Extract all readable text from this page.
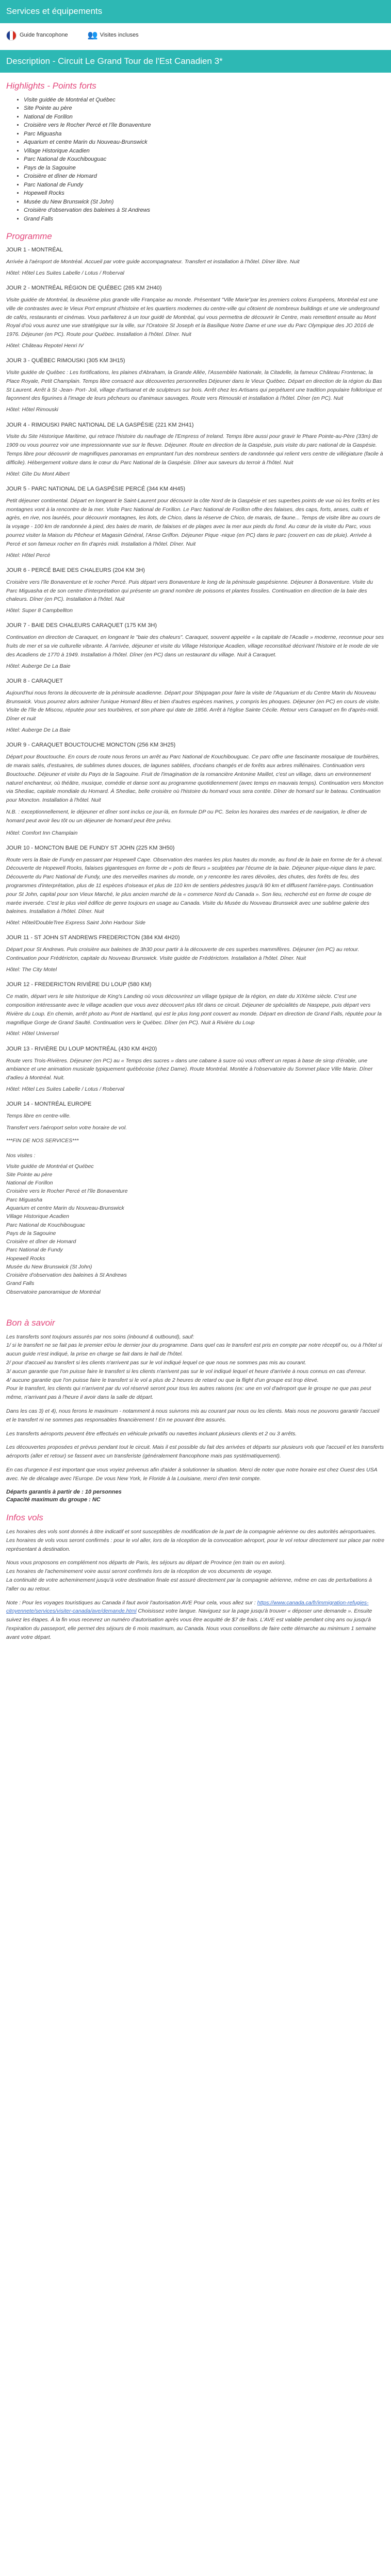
Services et équipements
Guide francophone 👥 Visites incluses
Description - Circuit Le Grand Tour de l'Est Canadien 3*
Highlights - Points forts
• Visite guidée de Montréal et Québec
• Site Pointe au père
• National de Forillon
• Croisière vers le Rocher Percé et l'île Bonaventure
• Parc Miguasha
• Aquarium et centre Marin du Nouveau-Brunswick
• Village Historique Acadien
• Parc National de Kouchibouguac
• Pays de la Sagouine
• Croisière et dîner de Homard
• Parc National de Fundy
• Hopewell Rocks
• Musée du New Brunswick (St John)
• Croisière d'observation des baleines à St Andrews
• Grand Falls
Programme

JOUR 1 - MONTRÉAL

Arrivée à l'aéroport de Montréal. Accueil par votre guide accompagnateur. Transfert et installation à l'hôtel. Dîner libre. Nuit

Hôtel: Hôtel Les Suites Labelle / Lotus / Roberval

JOUR 2 - MONTRÉAL RÉGION DE QUÉBEC (265 KM 2H40)

Visite guidée de Montréal, la deuxième plus grande ville Française au monde. Présentant "Ville Marie"par les premiers colons Européens, Montréal est une ville de contrastes avec le Vieux Port emprunt d'histoire et les quartiers modernes du centre-ville qui côtoient de nombreux buildings et une vie underground de cafés, restaurants et cinémas. Vous parfaiterez à un tour guidé de Montréal, qui vous permettra de découvrir le Centre, mais remettent ensuite au Mont Royal d'où vous aurez une vue stratégique sur la ville, sur l'Oratoire St Joseph et la Basilique Notre Dame et une vue du Parc Olympique des JO 2016 de 1976. Déjeuner (en PC). Route pour Québec. Installation à l'hôtel. Dîner. Nuit

Hôtel: Château Repotel Henri IV

JOUR 3 - QUÉBEC RIMOUSKI (305 KM 3H15)

Visite guidée de Québec : Les fortifications, les plaines d'Abraham, la Grande Allée, l'Assemblée Nationale, la Citadelle, la fameux Château Frontenac, la Place Royale, Petit Champlain. Temps libre consacré aux découvertes personnelles Déjeuner dans le Vieux Québec. Départ en direction de la région du Bas St Laurent. Arrêt à St -Jean- Port- Joli, village d'artisanat et de sculpteurs sur bois. Arrêt chez les Artisans qui perpétuent une tradition populaire folklorique et façonnent des figurines à l'image de leurs pêcheurs ou d'animaux sauvages. Route vers Rimouski et installation à l'hôtel. Dîner (en PC). Nuit

Hôtel: Hôtel Rimouski

JOUR 4 - RIMOUSKI PARC NATIONAL DE LA GASPÉSIE (221 KM 2H41)

Visite du Site Historique Maritime, qui retrace l'histoire du naufrage de l'Empress of Ireland. Temps libre aussi pour gravir le Phare Pointe-au-Père (33m) de 1909 ou vous pourrez voir une impressionnante vue sur le fleuve. Déjeuner. Route en direction de la Gaspésie, puis visite du parc national de la Gaspésie. Temps libre pour découvrir de magnifiques panoramas en empruntant l'un des nombreux sentiers de randonnée qui relient vers centre de villégiature (facile à difficile). Hébergement voiture dans le cœur du Parc National de la Gaspésie. Dîner aux saveurs du terroir à l'hôtel. Nuit

Hôtel: Gîte Du Mont Albert

JOUR 5 - PARC NATIONAL DE LA GASPÉSIE PERCÉ (344 KM 4H45)

Petit déjeuner continental. Départ en longeant le Saint-Laurent pour découvrir la côte Nord de la Gaspésie et ses superbes points de vue où les forêts et les montagnes vont à la rencontre de la mer. Visite Parc National de Forillon. Le Parc National de Forillon offre des falaises, des caps, forts, anses, cuits et agrès, en rive, nos lauréés, pour découvrir montagnes, les ilots, de Chico, dans la réserve de Chico, de marais, de faune... Temps de visite libre au cours de la voyage - 100 km de randonnée à pied, des baies de marin, de falaises et de plages avec la mer aux pieds du fond. Au cœur de la visite du Parc, vous pourrez visiter la Maison du Pêcheur et Magasin Général, l'Anse Griffon. Déjeuner Pique -nique (en PC) dans le parc (couvert en cas de pluie). Arrivée à Percé et son fameux rocher en fin d'après midi. Installation à l'hôtel. Dîner. Nuit

Hôtel: Hôtel Percé

JOUR 6 - PERCÉ BAIE DES CHALEURS (204 KM 3H)

Croisière vers l'île Bonaventure et le rocher Percé. Puis départ vers Bonaventure le long de la péninsule gaspésienne. Déjeuner à Bonaventure. Visite du Parc Miguasha et de son centre d'interprétation qui présente un grand nombre de poissons et plantes fossiles. Continuation en direction de la baie des chaleurs. Dîner (en PC). Installation à l'hôtel. Nuit

Hôtel: Super 8 Campbellton

JOUR 7 - BAIE DES CHALEURS CARAQUET (175 KM 3H)

Continuation en direction de Caraquet, en longeant le "baie des chaleurs". Caraquet, souvent appelée « la capitale de l'Acadie » moderne, reconnue pour ses fruits de mer et sa vie culturelle vibrante. À l'arrivée, déjeuner et visite du Village Historique Acadien, village reconstitué décrivant l'histoire et le mode de vie des Acadiens de 1770 à 1949. Installation à l'hôtel. Dîner (en PC) dans un restaurant du village. Nuit à Caraquet.

Hôtel: Auberge De La Baie

JOUR 8 - CARAQUET

Aujourd'hui nous ferons la découverte de la péninsule acadienne. Départ pour Shippagan pour faire la visite de l'Aquarium et du Centre Marin du Nouveau Brunswick. Vous pourrez alors admirer l'unique Homard Bleu et bien d'autres espèces marines, y compris les phoques. Déjeuner (en PC) en cours de visite. Visite de l'île de Miscou, réputée pour ses tourbières, et son phare qui date de 1856. Arrêt à l'église Sainte Cécile. Retour vers Caraquet en fin d'après-midi. Dîner et nuit

Hôtel: Auberge De La Baie

JOUR 9 - CARAQUET BOUCTOUCHE MONCTON (256 KM 3H25)

Départ pour Bouctouche. En cours de route nous ferons un arrêt au Parc National de Kouchibouguac. Ce parc offre une fascinante mosaïque de tourbières, de marais salés, d'estuaires, de sublimes dunes douces, de lagunes sablées, d'océans changés et de forêts aux arbres millénaires. Continuation vers Bouctouche. Déjeuner et visite du Pays de la Sagouine. Fruit de l'imagination de la romancière Antonine Maillet, c'est un village, dans un environnement naturel enchanteur, où théâtre, musique, comédie et danse sont au programme quotidiennement (avec temps en mauvais temps). Continuation vers Moncton via Shediac, capitale mondiale du Homard. À Shediac, belle croisière où l'histoire du homard vous sera contée. Dîner de homard sur le bateau. Continuation pour Moncton. Installation à l'hôtel. Nuit

N.B. : exceptionnellement, le déjeuner et dîner sont inclus ce jour-là, en formule DP ou PC. Selon les horaires des marées et de navigation, le dîner de homard peut avoir lieu tôt ou un déjeuner de homard peut être prévu.

Hôtel: Comfort Inn Champlain

JOUR 10 - MONCTON BAIE DE FUNDY ST JOHN (225 KM 3H50)

Route vers la Baie de Fundy en passant par Hopewell Cape. Observation des marées les plus hautes du monde, au fond de la baie en forme de fer à cheval. Découverte de Hopewell Rocks, falaises gigantesques en forme de « pots de fleurs » sculptées par l'écume de la baie. Déjeuner pique-nique dans le parc. Découverte du Parc National de Fundy, une des merveilles marines du monde, on y rencontre les rares dévoiles, des chutes, des forêts de feu, des programmes d'interprétation, plus de 11 espèces d'oiseaux et plus de 110 km de sentiers pédestres jusqu'à 90 km et diffusent l'arrière-pays. Continuation pour St John, capital pour son Vieux Marché, le plus ancien marché de la « commerce Nord du Canada ». Son lieu, recherché est en forme de coupe de marée inversée. C'est le plus vieil édifice de genre toujours en usage au Canada. Visite du Musée du Nouveau Brunswick avec une sublime galerie des baleines. Installation à l'hôtel. Dîner. Nuit

Hôtel: Hôtel/DoubleTree Express Saint John Harbour Side

JOUR 11 - ST JOHN ST ANDREWS FREDERICTON (384 KM 4H20)

Départ pour St Andrews. Puis croisière aux baleines de 3h30 pour partir à la découverte de ces superbes mammifères. Déjeuner (en PC) au retour. Continuation pour Frédéricton, capitale du Nouveau Brunswick. Visite guidée de Frédérictom. Installation à l'hôtel. Dîner. Nuit

Hôtel: The City Motel

JOUR 12 - FREDERICTON RIVIÈRE DU LOUP (580 KM)

Ce matin, départ vers le site historique de King's Landing où vous découvrirez un village typique de la région, en date du XIXème siècle. C'est une composition intéressante avec le village acadien que vous avez découvert plus tôt dans ce circuit. Déjeuner de spécialités de Naspepe, puis départ vers Rivière du Loup. En chemin, arrêt photo au Pont de Hartland, qui est le plus long pont couvert au monde. Départ en direction de Grand Falls, réputée pour la magnifique Gorge de Grand Saulté. Continuation vers le Québec. Dîner (en PC). Nuit à Rivière du Loup

Hôtel: Hôtel Universel

JOUR 13 - RIVIÈRE DU LOUP MONTRÉAL (430 KM 4H20)

Route vers Trois-Rivières. Déjeuner (en PC) au « Temps des sucres » dans une cabane à sucre où vous offrent un repas à base de sirop d'érable, une ambiance et une animation musicale typiquement québécoise (chez Dame). Route Montréal. Montée à l'observatoire du Sommet place Ville Marie. Dîner d'adieu à Montréal. Nuit.

Hôtel: Hôtel Les Suites Labelle / Lotus / Roberval

JOUR 14 - MONTRÉAL EUROPE

Temps libre en centre-ville.

Transfert vers l'aéroport selon votre horaire de vol.

***FIN DE NOS SERVICES***

Nos visites :

Visite guidée de Montréal et Québec
Site Pointe au père
National de Forillon
Croisière vers le Rocher Percé et l'île Bonaventure
Parc Miguasha
Aquarium et centre Marin du Nouveau-Brunswick
Village Historique Acadien
Parc National de Kouchibouguac
Pays de la Sagouine
Croisière et dîner de Homard
Parc National de Fundy
Hopewell Rocks
Musée du New Brunswick (St John)
Croisière d'observation des baleines à St Andrews
Grand Falls
Observatoire panoramique de Montréal
Bon à savoir

Les transferts sont toujours assurés par nos soins (inbound & outbound), sauf:
1/ si le transfert ne se fait pas le premier et/ou le dernier jour du programme. Dans quel cas le transfert est pris en compte par notre réceptif ou, ou à l'hôtel si aucun guide n'est indiqué, la prise en charge se fait dans le hall de l'hôtel.
2/ pour d'accueil au transfert si les clients n'arrivent pas sur le vol indiqué lequel ce que nous ne sommes pas mis au courant.
3/ aucun garantie que l'on puisse faire le transfert si les clients n'arrivent pas sur le vol indiqué lequel et heure d'arrivée à nous connus en cas d'erreur.
4/ aucune garantie que l'on puisse faire le transfert si le vol a plus de 2 heures de retard ou que la flight d'un groupe est trop élevé.
Pour le transfert, les clients qui n'arrivent par du vol réservé seront pour tous les autres raisons (ex: une en vol d'aéroport que le groupe ne que pas peut même, n'arrivant pas à l'heure il avoir dans la salle de départ.

Dans les cas 3) et 4), nous ferons le maximum - notamment à nous suivrons mis au courant par nous ou les clients. Mais nous ne pouvons garantir l'accueil et le transfert ni ne sommes pas responsables financièrement ! En ne pouvant être assurés.

Les transferts aéroports peuvent être effectués en véhicule privatifs ou navettes incluant plusieurs clients et 2 ou 3 arrêts.

Les découvertes proposées et prévus pendant tout le circuit. Mais il est possible du fait des arrivées et départs sur plusieurs vols que l'accueil et les transferts aéroports (aller et retour) se fassent avec un transferiste (généralement francophone mais pas systématiquement).

En cas d'urgence il est important que vous voyiez prévenus afin d'aider à solutionner la situation. Merci de noter que notre horaire est chez Ouest des USA avec. Ne de décalage avec l'Europe. De vous New York, le Floride à la Louisiane, merci d'en tenir compte.

Départs garantis à partir de : 10 personnes

Capacité maximum du groupe : NC

Infos vols

Les horaires des vols sont donnés à titre indicatif et sont susceptibles de modification de la part de la compagnie aérienne ou des autorités aéroportuaires.
Les horaires de vols vous seront confirmés : pour le vol aller, lors de la réception de la convocation aéroport, pour le vol retour directement sur place par notre représentant à destination.

Nous vous proposons en complément nos départs de Paris, les séjours au départ de Province (en train ou en avion).
Les horaires de l'acheminement voire aussi seront confirmés lors de la réception de vos documents de voyage.
La continuité de votre acheminement jusqu'à votre destination finale est assuré directement par la compagnie aérienne, même en cas de perturbations à l'aller ou au retour.

Note : Pour les voyages touristiques au Canada il faut avoir l'autorisation AVE Pour cela, vous allez sur : https://www.canada.ca/fr/immigration-refugies-citoyennete/services/visiter-canada/ave/demande.html Choisissez votre langue. Naviguez sur la page jusqu'à trouver « déposer une demande ». Ensuite suivez les étapes. À la fin vous recevrez un numéro d'autorisation après vous être acquitté de $7 de frais. L'AVE est valable pendant cinq ans ou jusqu'à l'expiration du passeport, elle permet des séjours de 6 mois maximum, au Canada. Nous vous conseillons de faire cette démarche au minimum 1 semaine avant votre départ.
